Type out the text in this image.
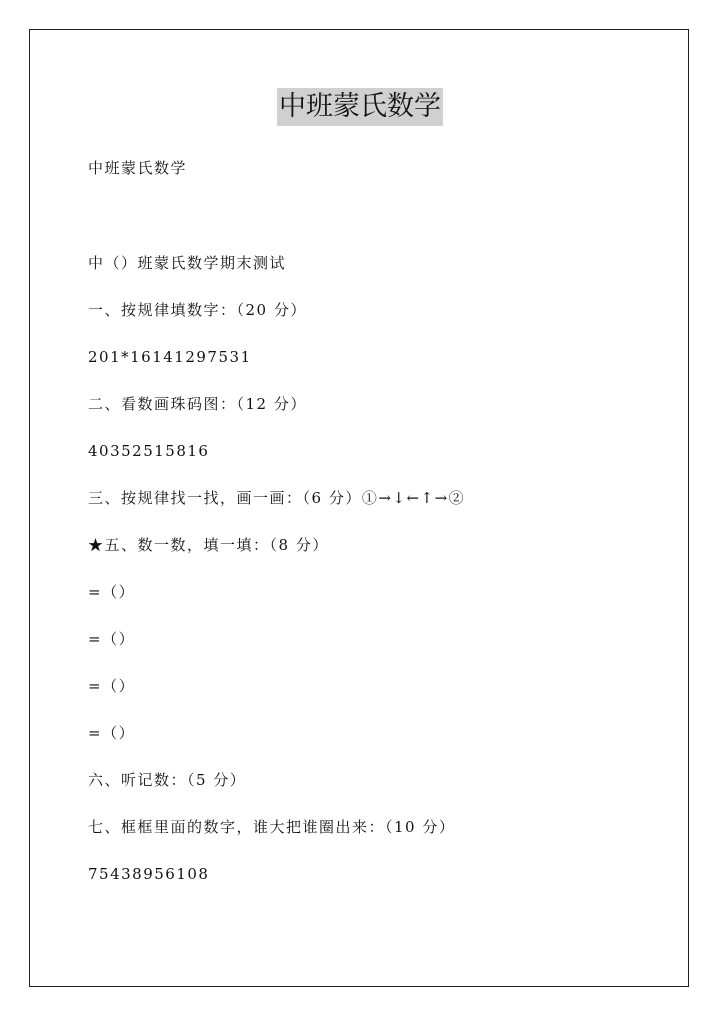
中班蒙氏数学
中班蒙氏数学
中（）班蒙氏数学期末测试
一、按规律填数字：（20 分）
201*16141297531
二、看数画珠码图：（12 分）
40352515816
三、按规律找一找，画一画：（6 分）①→↓←↑→②
★五、数一数，填一填：（8 分）
=（）
=（）
=（）
=（）
六、听记数：（5 分）
七、框框里面的数字，谁大把谁圈出来：（10 分）
75438956108
